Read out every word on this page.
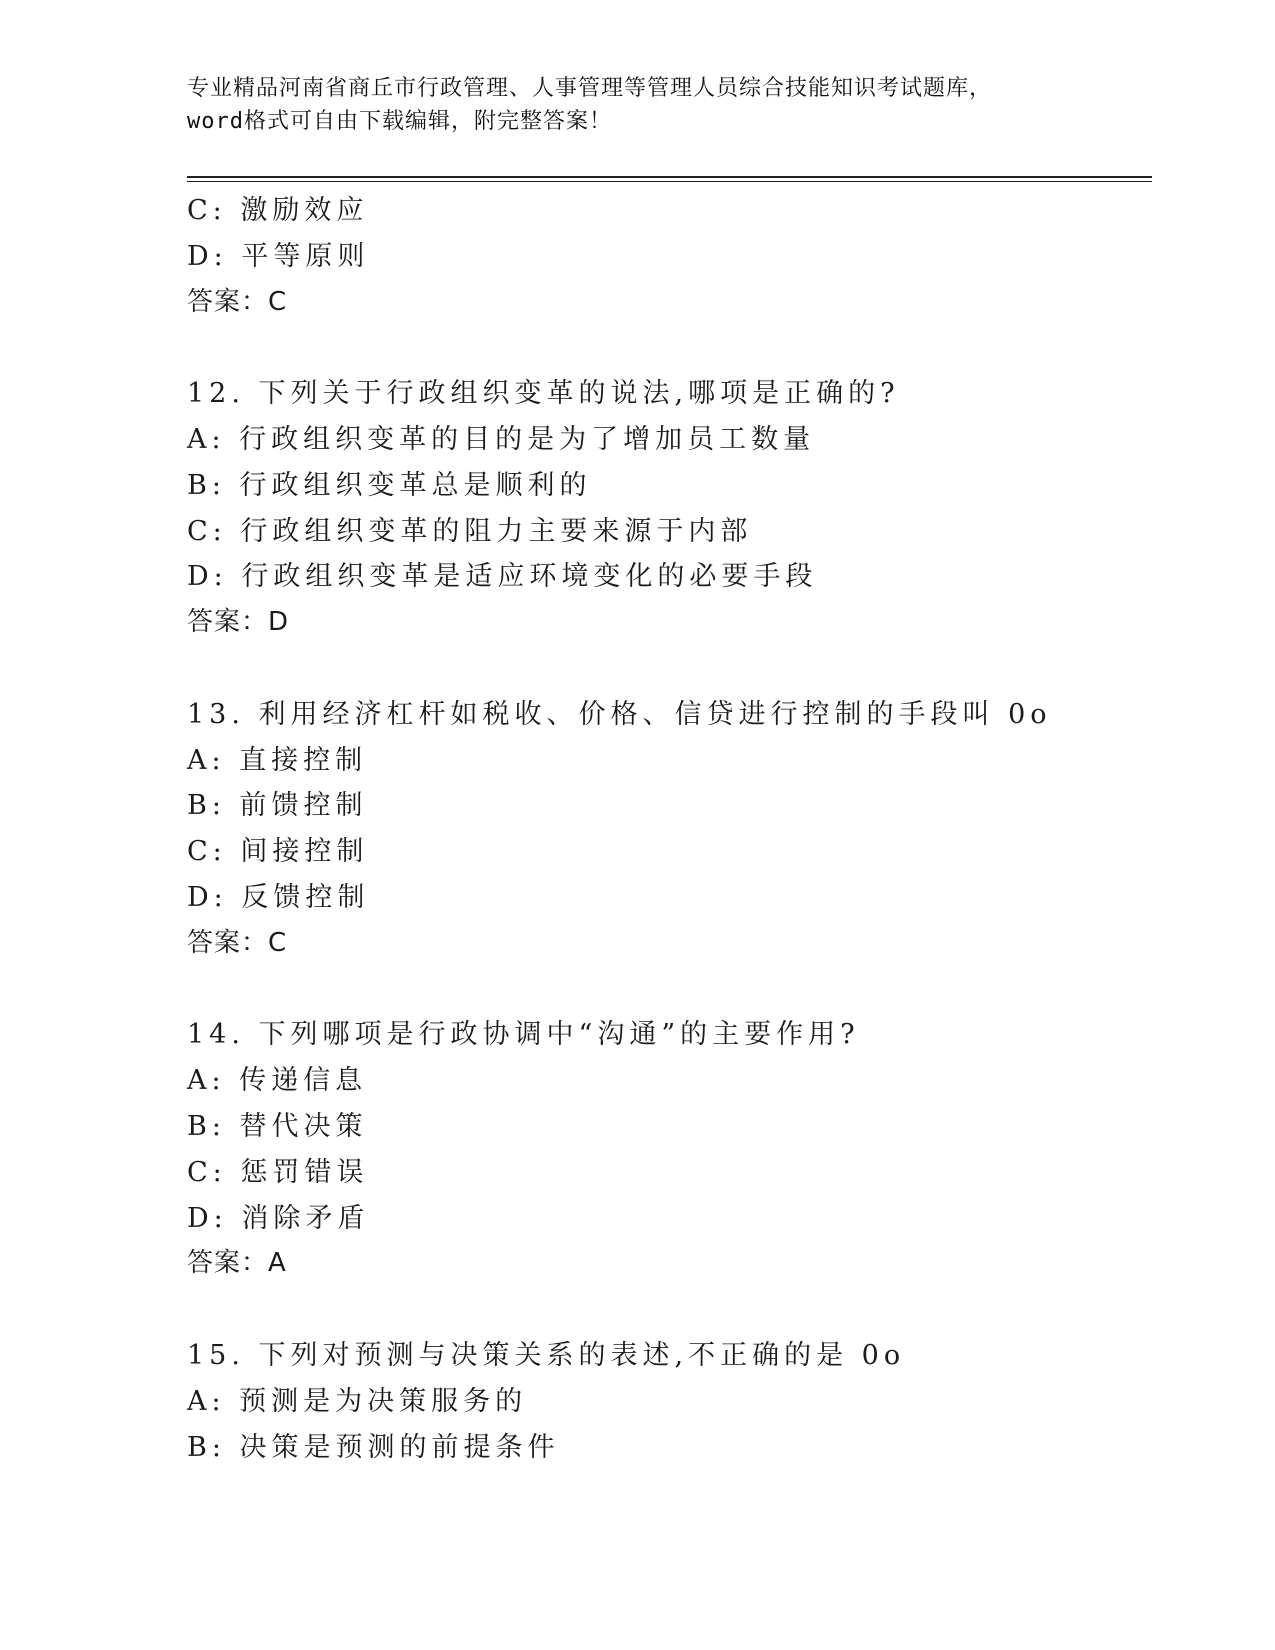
专业精品河南省商丘市行政管理、人事管理等管理人员综合技能知识考试题库，
word格式可自由下载编辑，附完整答案！
C: 激励效应
D: 平等原则
答案：C
12. 下列关于行政组织变革的说法,哪项是正确的?
A: 行政组织变革的目的是为了增加员工数量
B: 行政组织变革总是顺利的
C: 行政组织变革的阻力主要来源于内部
D: 行政组织变革是适应环境变化的必要手段
答案：D
13. 利用经济杠杆如税收、价格、信贷进行控制的手段叫 0o
A: 直接控制
B: 前馈控制
C: 间接控制
D: 反馈控制
答案：C
14. 下列哪项是行政协调中“沟通”的主要作用?
A: 传递信息
B: 替代决策
C: 惩罚错误
D: 消除矛盾
答案：A
15. 下列对预测与决策关系的表述,不正确的是 0o
A: 预测是为决策服务的
B: 决策是预测的前提条件
